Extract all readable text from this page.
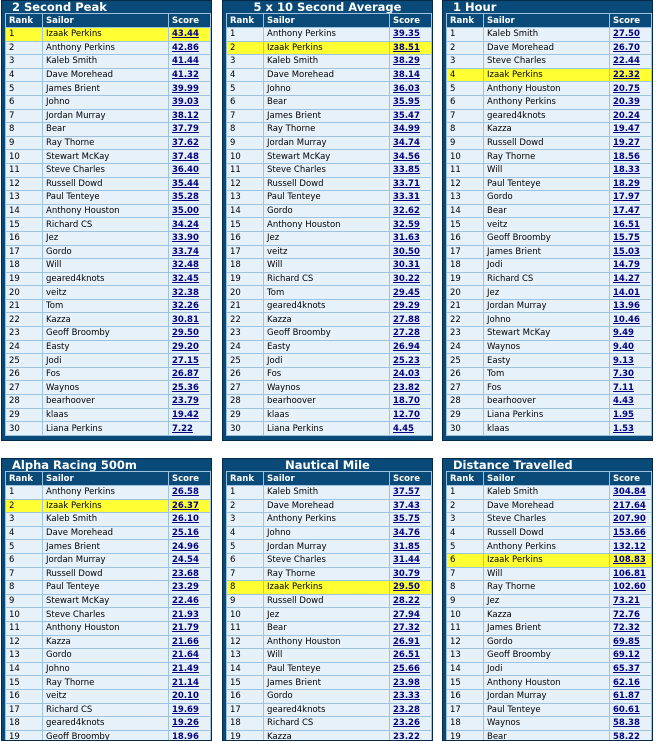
2 Second Peak
Rank	Sailor	Score
1	Izaak Perkins	43.44
2	Anthony Perkins	42.86
3	Kaleb Smith	41.44
4	Dave Morehead	41.32
5	James Brient	39.99
6	Johno	39.03
7	Jordan Murray	38.12
8	Bear	37.79
9	Ray Thorne	37.62
10	Stewart McKay	37.48
11	Steve Charles	36.40
12	Russell Dowd	35.44
13	Paul Tenteye	35.28
14	Anthony Houston	35.00
15	Richard CS	34.24
16	Jez	33.90
17	Gordo	33.74
18	Will	32.48
19	geared4knots	32.45
20	veitz	32.38
21	Tom	32.26
22	Kazza	30.81
23	Geoff Broomby	29.50
24	Easty	29.20
25	Jodi	27.15
26	Fos	26.87
27	Waynos	25.36
28	bearhoover	23.79
29	klaas	19.42
30	Liana Perkins	7.22
5 x 10 Second Average
Rank	Sailor	Score
1	Anthony Perkins	39.35
2	Izaak Perkins	38.51
3	Kaleb Smith	38.29
4	Dave Morehead	38.14
5	Johno	36.03
6	Bear	35.95
7	James Brient	35.47
8	Ray Thorne	34.99
9	Jordan Murray	34.74
10	Stewart McKay	34.56
11	Steve Charles	33.85
12	Russell Dowd	33.71
13	Paul Tenteye	33.31
14	Gordo	32.62
15	Anthony Houston	32.59
16	Jez	31.63
17	veitz	30.50
18	Will	30.31
19	Richard CS	30.22
20	Tom	29.45
21	geared4knots	29.29
22	Kazza	27.88
23	Geoff Broomby	27.28
24	Easty	26.94
25	Jodi	25.23
26	Fos	24.03
27	Waynos	23.82
28	bearhoover	18.70
29	klaas	12.70
30	Liana Perkins	4.45
1 Hour
Rank	Sailor	Score
1	Kaleb Smith	27.50
2	Dave Morehead	26.70
3	Steve Charles	22.44
4	Izaak Perkins	22.32
5	Anthony Houston	20.75
6	Anthony Perkins	20.39
7	geared4knots	20.24
8	Kazza	19.47
9	Russell Dowd	19.27
10	Ray Thorne	18.56
11	Will	18.33
12	Paul Tenteye	18.29
13	Gordo	17.97
14	Bear	17.47
15	veitz	16.51
16	Geoff Broomby	15.75
17	James Brient	15.03
18	Jodi	14.79
19	Richard CS	14.27
20	Jez	14.01
21	Jordan Murray	13.96
22	Johno	10.46
23	Stewart McKay	9.49
24	Waynos	9.40
25	Easty	9.13
26	Tom	7.30
27	Fos	7.11
28	bearhoover	4.43
29	Liana Perkins	1.95
30	klaas	1.53
Alpha Racing 500m
Rank	Sailor	Score
1	Anthony Perkins	26.58
2	Izaak Perkins	26.37
3	Kaleb Smith	26.10
4	Dave Morehead	25.16
5	James Brient	24.96
6	Jordan Murray	24.54
7	Russell Dowd	23.68
8	Paul Tenteye	23.29
9	Stewart McKay	22.46
10	Steve Charles	21.93
11	Anthony Houston	21.79
12	Kazza	21.66
13	Gordo	21.64
14	Johno	21.49
15	Ray Thorne	21.14
16	veitz	20.10
17	Richard CS	19.69
18	geared4knots	19.26
19	Geoff Broomby	18.96
Nautical Mile
Rank	Sailor	Score
1	Kaleb Smith	37.57
2	Dave Morehead	37.43
3	Anthony Perkins	35.75
4	Johno	34.76
5	Jordan Murray	31.85
6	Steve Charles	31.44
7	Ray Thorne	30.79
8	Izaak Perkins	29.50
9	Russell Dowd	28.22
10	Jez	27.94
11	Bear	27.32
12	Anthony Houston	26.91
13	Will	26.51
14	Paul Tenteye	25.66
15	James Brient	23.98
16	Gordo	23.33
17	geared4knots	23.28
18	Richard CS	23.26
19	Kazza	23.22
Distance Travelled
Rank	Sailor	Score
1	Kaleb Smith	304.84
2	Dave Morehead	217.64
3	Steve Charles	207.90
4	Russell Dowd	153.66
5	Anthony Perkins	132.12
6	Izaak Perkins	108.83
7	Will	106.81
8	Ray Thorne	102.60
9	Jez	73.21
10	Kazza	72.76
11	James Brient	72.32
12	Gordo	69.85
13	Geoff Broomby	69.12
14	Jodi	65.37
15	Anthony Houston	62.16
16	Jordan Murray	61.87
17	Paul Tenteye	60.61
18	Waynos	58.38
19	Bear	58.22
